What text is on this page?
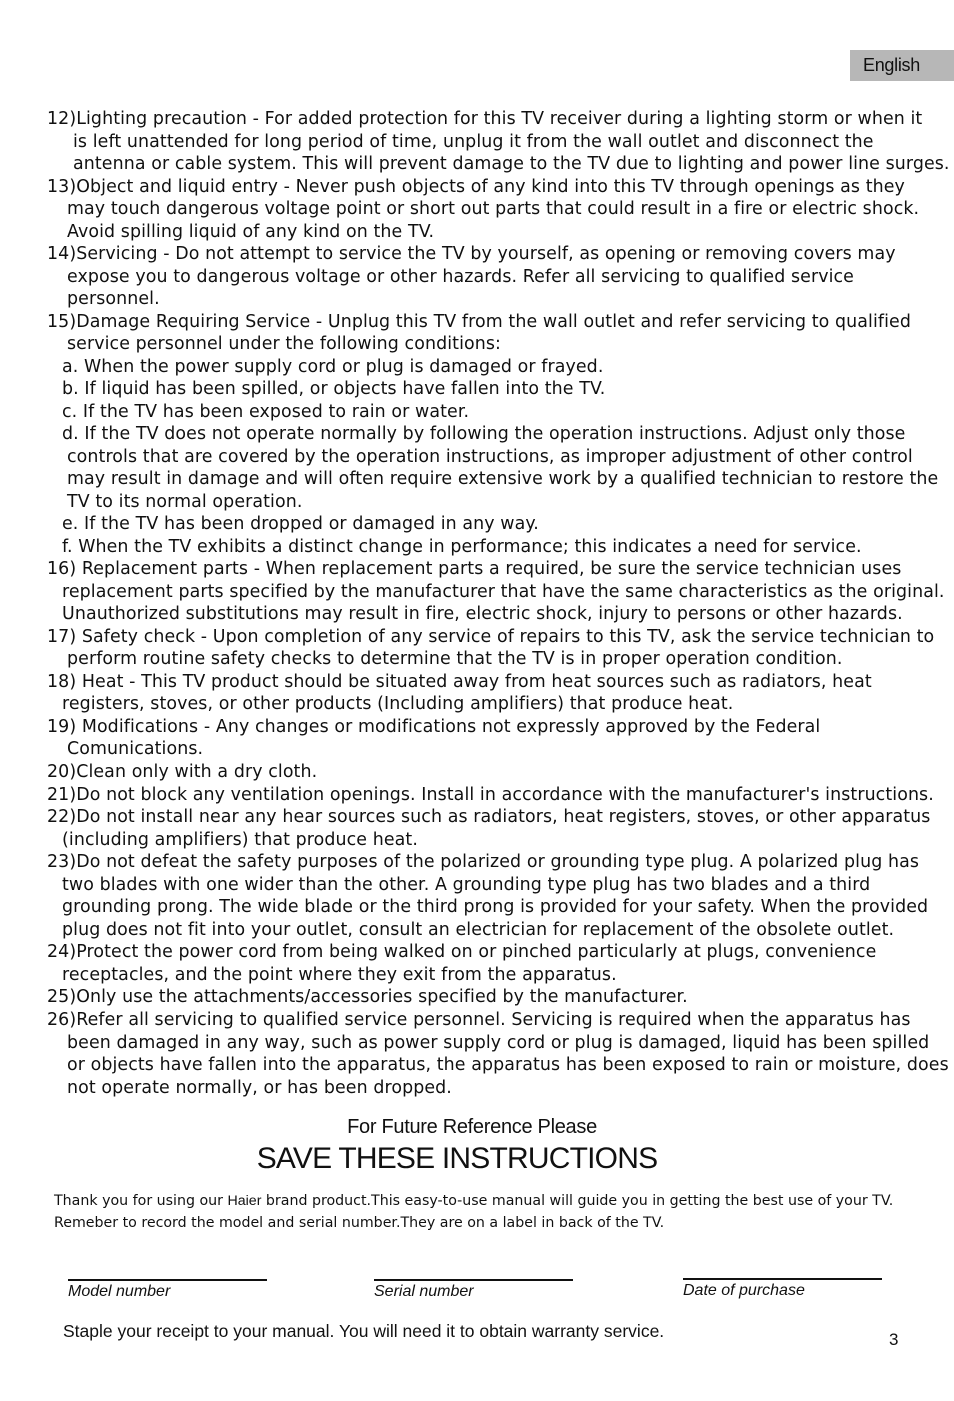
English
12)Lighting precaution - For added protection for this TV receiver during a lighting storm or when it
is left unattended for long period of time, unplug it from the wall outlet and disconnect the
antenna or cable system. This will prevent damage to the TV due to lighting and power line surges.
13)Object and liquid entry - Never push objects of any kind into this TV through openings as they
may touch dangerous voltage point or short out parts that could result in a fire or electric shock.
Avoid spilling liquid of any kind on the TV.
14)Servicing - Do not attempt to service the TV by yourself, as opening or removing covers may
expose you to dangerous voltage or other hazards. Refer all servicing to qualified service
personnel.
15)Damage Requiring Service - Unplug this TV from the wall outlet and refer servicing to qualified
service personnel under the following conditions:
a. When the power supply cord or plug is damaged or frayed.
b. If liquid has been spilled, or objects have fallen into the TV.
c. If the TV has been exposed to rain or water.
d. If the TV does not operate normally by following the operation instructions. Adjust only those
controls that are covered by the operation instructions, as improper adjustment of other control
may result in damage and will often require extensive work by a qualified technician to restore the
TV to its normal operation.
e. If the TV has been dropped or damaged in any way.
f. When the TV exhibits a distinct change in performance; this indicates a need for service.
16) Replacement parts - When replacement parts a required, be sure the service technician uses
replacement parts specified by the manufacturer that have the same characteristics as the original.
Unauthorized substitutions may result in fire, electric shock, injury to persons or other hazards.
17) Safety check - Upon completion of any service of repairs to this TV, ask the service technician to
perform routine safety checks to determine that the TV is in proper operation condition.
18) Heat - This TV product should be situated away from heat sources such as radiators, heat
registers, stoves, or other products (Including amplifiers) that produce heat.
19) Modifications - Any changes or modifications not expressly approved by the Federal
Comunications.
20)Clean only with a dry cloth.
21)Do not block any ventilation openings. Install in accordance with the manufacturer's instructions.
22)Do not install near any hear sources such as radiators, heat registers, stoves, or other apparatus
(including amplifiers) that produce heat.
23)Do not defeat the safety purposes of the polarized or grounding type plug. A polarized plug has
two blades with one wider than the other. A grounding type plug has two blades and a third
grounding prong. The wide blade or the third prong is provided for your safety. When the provided
plug does not fit into your outlet, consult an electrician for replacement of the obsolete outlet.
24)Protect the power cord from being walked on or pinched particularly at plugs, convenience
receptacles, and the point where they exit from the apparatus.
25)Only use the attachments/accessories specified by the manufacturer.
26)Refer all servicing to qualified service personnel. Servicing is required when the apparatus has
been damaged in any way, such as power supply cord or plug is damaged, liquid has been spilled
or objects have fallen into the apparatus, the apparatus has been exposed to rain or moisture, does
not operate normally, or has been dropped.
For Future Reference Please
SAVE THESE INSTRUCTIONS
Thank you for using our Haier brand product.This easy-to-use manual will guide you in getting the best use of your TV.
Remeber to record the model and serial number.They are on a label in back of the TV.
Model number	Serial number	Date of purchase
Staple your receipt to your manual. You will need it to obtain warranty service.	3
